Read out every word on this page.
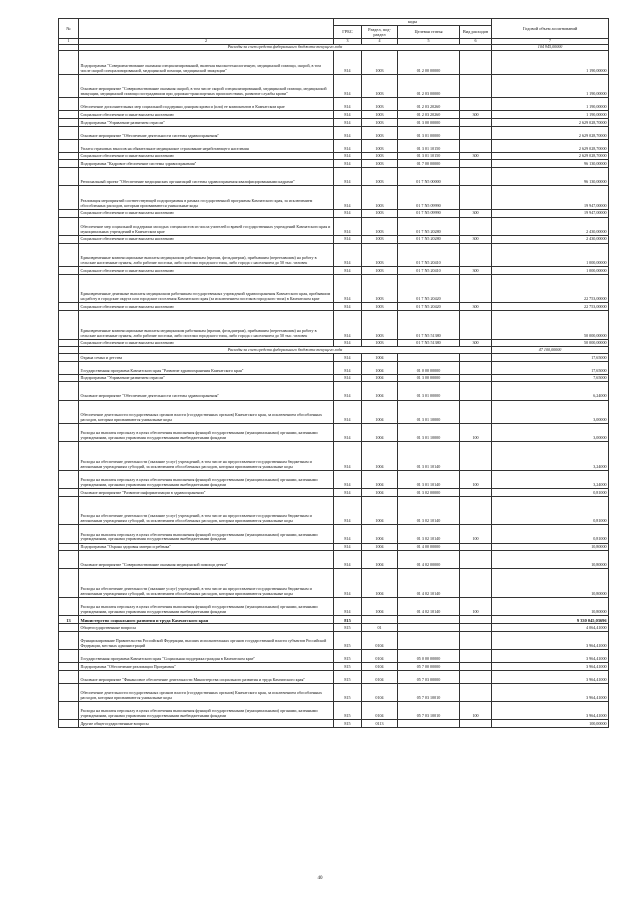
№		коды				Годовой объем ассигнований
		ГРБС	Раздел, под-раздел	Целевая статья	Вид расходов	
1	2	3	4	5	6	7
	Расходы за счет средств федерального бюджета текущего года					104 945,00000
	Подпрограмма "Совершенствование оказания специализированной, включая высокотехнологичную, медицинской помощи, скорой, в том числе скорой специализированной, медицинской помощи, медицинской эвакуации"	814	1003	01 2 00 00000		1 190,00000
	Основное мероприятие "Совершенствование оказания скорой, в том числе скорой специализированной, медицинской помощи, медицинской эвакуации, медицинской помощи пострадавшим при дорожно-транспортных происшествиях, развитие службы крови"	814	1003	01 2 03 00000		1 190,00000
	Обеспечение дополнительных мер социальной поддержки донорам крови и (или) ее компонентов в Камчатском крае	814	1003	01 2 03 20260		1 190,00000
	Социальное обеспечение и иные выплаты населению	814	1003	01 2 03 20260	300	1 190,00000
	Подпрограмма "Управление развитием отрасли"	814	1003	01 3 00 00000		2 629 028,70000
	Основное мероприятие "Обеспечение деятельности системы здравоохранения"	814	1003	01 3 01 00000		2 629 028,70000
	Уплата страховых взносов на обязательное медицинское страхование неработающего населения	814	1003	01 3 01 10150		2 629 028,70000
	Социальное обеспечение и иные выплаты населению	814	1003	01 3 01 10150	300	2 629 028,70000
	Подпрограмма "Кадровое обеспечение системы здравоохранения"	814	1003	01 7 00 00000		96 130,00000
	Региональный проект "Обеспечение медицинских организаций системы здравоохранения квалифицированными кадрами"	814	1003	01 7 N5 00000		96 130,00000
	Реализация мероприятий соответствующей подпрограммы в рамках государственной программы Камчатского края, за исключением обособленных расходов, которым присваиваются уникальные коды	814	1003	01 7 N5 09990		19 947,00000
	Социальное обеспечение и иные выплаты населению	814	1003	01 7 N5 09990	300	19 947,00000
	Обеспечение мер социальной поддержки молодых специалистов из числа учителей и врачей государственных учреждений Камчатского края и муниципальных учреждений в Камчатском крае	814	1003	01 7 N5 20280		2 430,00000
	Социальное обеспечение и иные выплаты населению	814	1003	01 7 N5 20280	300	2 430,00000
	Единовременные компенсационные выплаты медицинским работникам (врачам, фельдшерам), прибывшим (переехавшим) на работу в сельские населенные пункты, либо рабочие поселки, либо поселки городского типа, либо города с населением до 50 тыс. человек	814	1003	01 7 N5 20410		1 000,00000
	Социальное обеспечение и иные выплаты населению	814	1003	01 7 N5 20410	300	1 000,00000
	Единовременные денежные выплаты медицинским работникам государственных учреждений здравоохранения Камчатского края, прибывшим на работу в городские округа или городские поселения Камчатского края (за исключением поселков городского типа) в Камчатском крае	814	1003	01 7 N5 20420		22 753,00000
	Социальное обеспечение и иные выплаты населению	814	1003	01 7 N5 20420	300	22 753,00000
	Единовременные компенсационные выплаты медицинским работникам (врачам, фельдшерам), прибывшим (переехавшим) на работу в сельские населенные пункты, либо рабочие поселки, либо поселки городского типа, либо города с населением до 50 тыс. человек	814	1003	01 7 N5 51380		50 000,00000
	Социальное обеспечение и иные выплаты населению	814	1003	01 7 N5 51380	300	50 000,00000
	Расходы за счет средств федерального бюджета текущего года					47 100,00000
	Охрана семьи и детства	814	1004			17,65000
	Государственная программа Камчатского края "Развитие здравоохранения Камчатского края"	814	1004	01 0 00 00000		17,65000
	Подпрограмма "Управление развитием отрасли"	814	1004	01 3 00 00000		7,65000
	Основное мероприятие "Обеспечение деятельности системы здравоохранения"	814	1004	01 3 01 00000		6,24000
	Обеспечение деятельности государственных органов власти (государственных органов) Камчатского края, за исключением обособленных расходов, которым присваиваются уникальные коды	814	1004	01 3 01 10000		3,00000
	Расходы на выплаты персоналу в целях обеспечения выполнения функций государственными (муниципальными) органами, казенными учреждениями, органами управления государственными внебюджетными фондами	814	1004	01 3 01 10000	100	3,00000
	Расходы на обеспечение деятельности (оказание услуг) учреждений, в том числе на предоставление государственным бюджетным и автономным учреждениям субсидий, за исключением обособленных расходов, которым присваиваются уникальные коды	814	1004	01 3 01 10140		3,24000
	Расходы на выплаты персоналу в целях обеспечения выполнения функций государственными (муниципальными) органами, казенными учреждениями, органами управления государственными внебюджетными фондами	814	1004	01 3 01 10140	100	3,24000
	Основное мероприятие "Развитие информатизации в здравоохранении"	814	1004	01 3 02 00000		0,81000
	Расходы на обеспечение деятельности (оказание услуг) учреждений, в том числе на предоставление государственным бюджетным и автономным учреждениям субсидий, за исключением обособленных расходов, которым присваиваются уникальные коды	814	1004	01 3 02 10140		0,81000
	Расходы на выплаты персоналу в целях обеспечения выполнения функций государственными (муниципальными) органами, казенными учреждениями, органами управления государственными внебюджетными фондами	814	1004	01 3 02 10140	100	0,81000
	Подпрограмма "Охрана здоровья матери и ребенка"	814	1004	01 4 00 00000		10,80000
	Основное мероприятие "Совершенствование оказания медицинской помощи детям"	814	1004	01 4 02 00000		10,80000
	Расходы на обеспечение деятельности (оказание услуг) учреждений, в том числе на предоставление государственным бюджетным и автономным учреждениям субсидий, за исключением обособленных расходов, которым присваиваются уникальные коды	814	1004	01 4 02 10140		10,80000
	Расходы на выплаты персоналу в целях обеспечения выполнения функций государственными (муниципальными) органами, казенными учреждениями, органами управления государственными внебюджетными фондами	814	1004	01 4 02 10140	100	10,80000
13	Министерство социального развития и труда Камчатского края	815				9 330 045,03696
	Общегосударственные вопросы	815	01			4 064,41000
	Функционирование Правительства Российской Федерации, высших исполнительных органов государственной власти субъектов Российской Федерации, местных администраций	815	0104			3 964,41000
	Государственная программа Камчатского края "Социальная поддержка граждан в Камчатском крае"	815	0104	05 0 00 00000		3 964,41000
	Подпрограмма "Обеспечение реализации Программы"	815	0104	05 7 00 00000		3 964,41000
	Основное мероприятие "Финансовое обеспечение деятельности Министерства социального развития и труда Камчатского края"	815	0104	05 7 03 00000		3 964,41000
	Обеспечение деятельности государственных органов власти (государственных органов) Камчатского края, за исключением обособленных расходов, которым присваиваются уникальные коды	815	0104	05 7 03 10010		3 964,41000
	Расходы на выплаты персоналу в целях обеспечения выполнения функций государственными (муниципальными) органами, казенными учреждениями, органами управления государственными внебюджетными фондами	815	0104	05 7 03 10010	100	3 964,41000
	Другие общегосударственные вопросы	815	0113			100,00000
40
